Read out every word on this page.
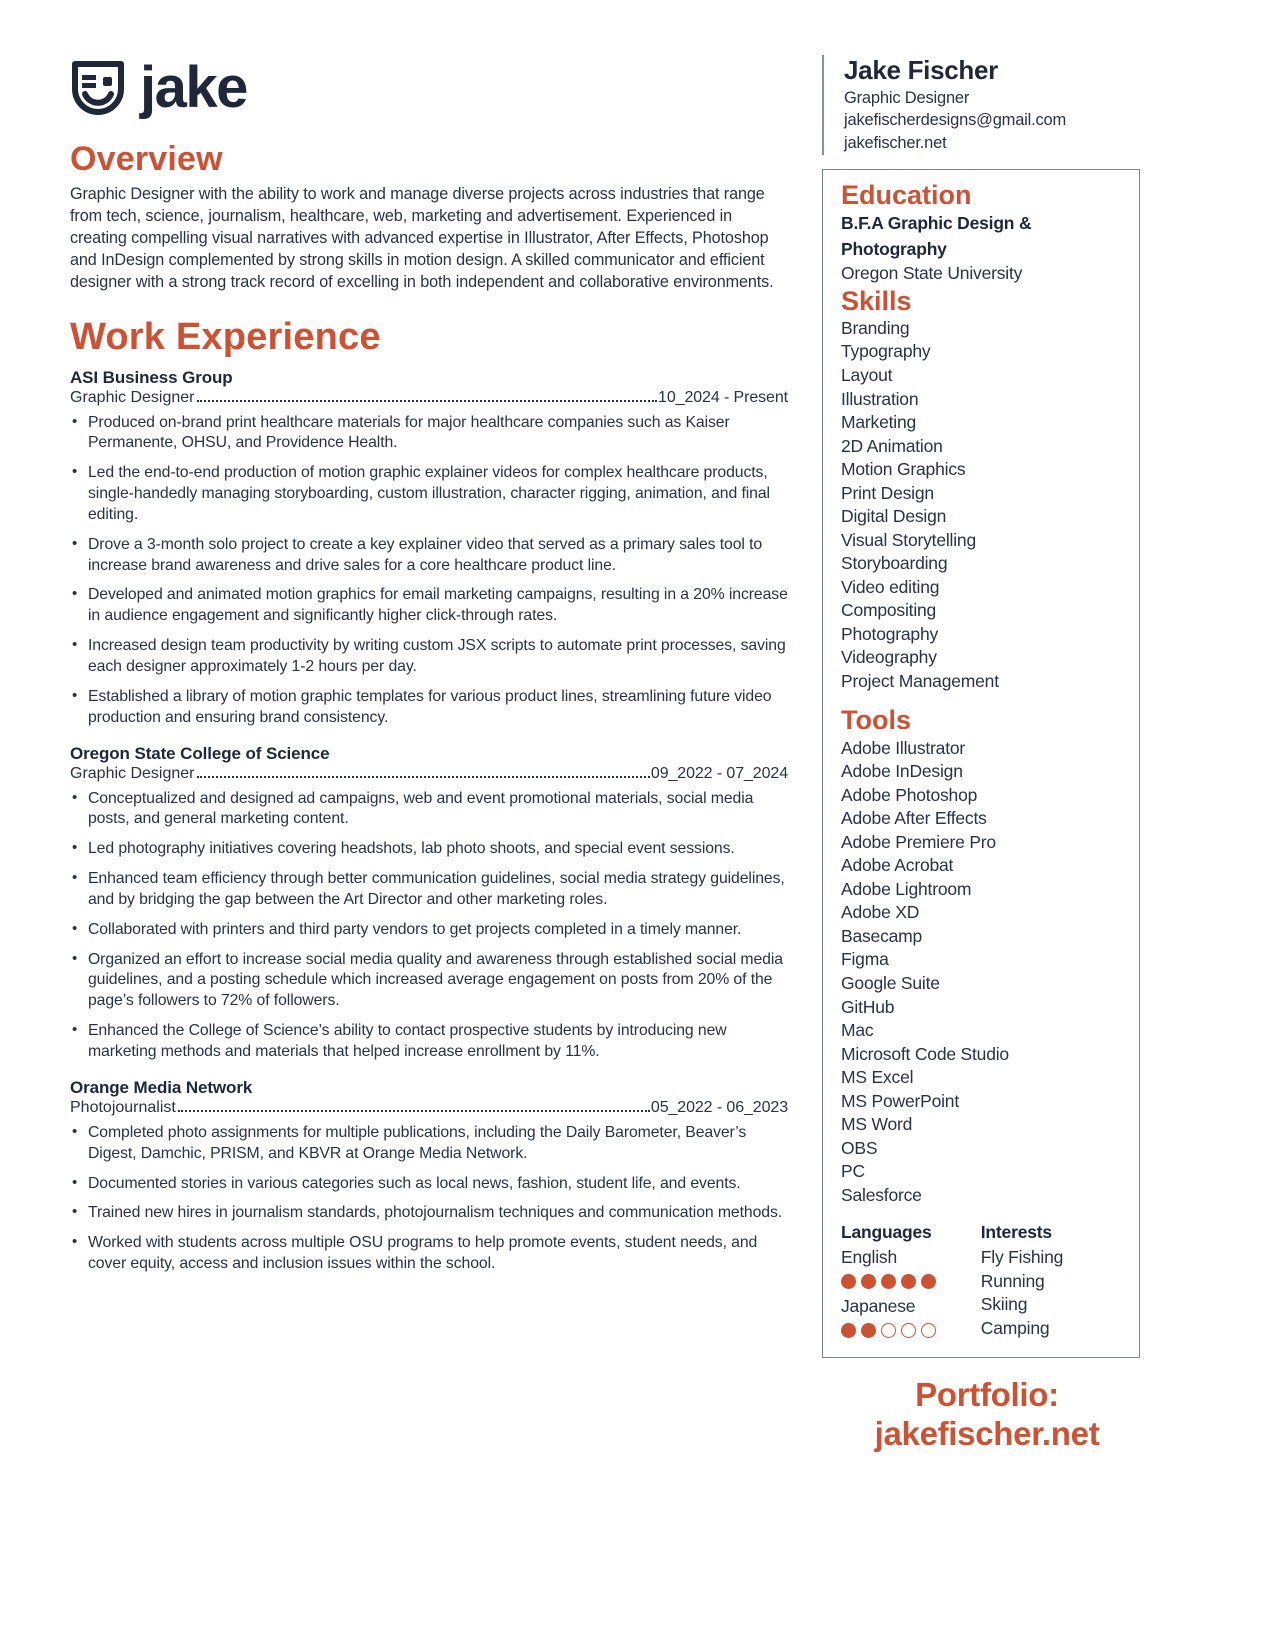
jake
Overview
Graphic Designer with the ability to work and manage diverse projects across industries that range from tech, science, journalism, healthcare, web, marketing and advertisement. Experienced in creating compelling visual narratives with advanced expertise in Illustrator, After Effects, Photoshop and InDesign complemented by strong skills in motion design. A skilled communicator and efficient designer with a strong track record of excelling in both independent and collaborative environments.
Work Experience
ASI Business Group
Graphic Designer	10_2024 - Present
• Produced on-brand print healthcare materials for major healthcare companies such as Kaiser Permanente, OHSU, and Providence Health.
• Led the end-to-end production of motion graphic explainer videos for complex healthcare products, single-handedly managing storyboarding, custom illustration, character rigging, animation, and final editing.
• Drove a 3-month solo project to create a key explainer video that served as a primary sales tool to increase brand awareness and drive sales for a core healthcare product line.
• Developed and animated motion graphics for email marketing campaigns, resulting in a 20% increase in audience engagement and significantly higher click-through rates.
• Increased design team productivity by writing custom JSX scripts to automate print processes, saving each designer approximately 1-2 hours per day.
• Established a library of motion graphic templates for various product lines, streamlining future video production and ensuring brand consistency.
Oregon State College of Science
Graphic Designer	09_2022 - 07_2024
• Conceptualized and designed ad campaigns, web and event promotional materials, social media posts, and general marketing content.
• Led photography initiatives covering headshots, lab photo shoots, and special event sessions.
• Enhanced team efficiency through better communication guidelines, social media strategy guidelines, and by bridging the gap between the Art Director and other marketing roles.
• Collaborated with printers and third party vendors to get projects completed in a timely manner.
• Organized an effort to increase social media quality and awareness through established social media guidelines, and a posting schedule which increased average engagement on posts from 20% of the page’s followers to 72% of followers.
• Enhanced the College of Science’s ability to contact prospective students by introducing new marketing methods and materials that helped increase enrollment by 11%.
Orange Media Network
Photojournalist	05_2022 - 06_2023
• Completed photo assignments for multiple publications, including the Daily Barometer, Beaver’s Digest, Damchic, PRISM, and KBVR at Orange Media Network.
• Documented stories in various categories such as local news, fashion, student life, and events.
• Trained new hires in journalism standards, photojournalism techniques and communication methods.
• Worked with students across multiple OSU programs to help promote events, student needs, and cover equity, access and inclusion issues within the school.
Jake Fischer
Graphic Designer
jakefischerdesigns@gmail.com
jakefischer.net
Education
B.F.A Graphic Design & Photography
Oregon State University
Skills
Branding
Typography
Layout
Illustration
Marketing
2D Animation
Motion Graphics
Print Design
Digital Design
Visual Storytelling
Storyboarding
Video editing
Compositing
Photography
Videography
Project Management
Tools
Adobe Illustrator
Adobe InDesign
Adobe Photoshop
Adobe After Effects
Adobe Premiere Pro
Adobe Acrobat
Adobe Lightroom
Adobe XD
Basecamp
Figma
Google Suite
GitHub
Mac
Microsoft Code Studio
MS Excel
MS PowerPoint
MS Word
OBS
PC
Salesforce
Languages
English
Japanese
Interests
Fly Fishing
Running
Skiing
Camping
Portfolio:
jakefischer.net
